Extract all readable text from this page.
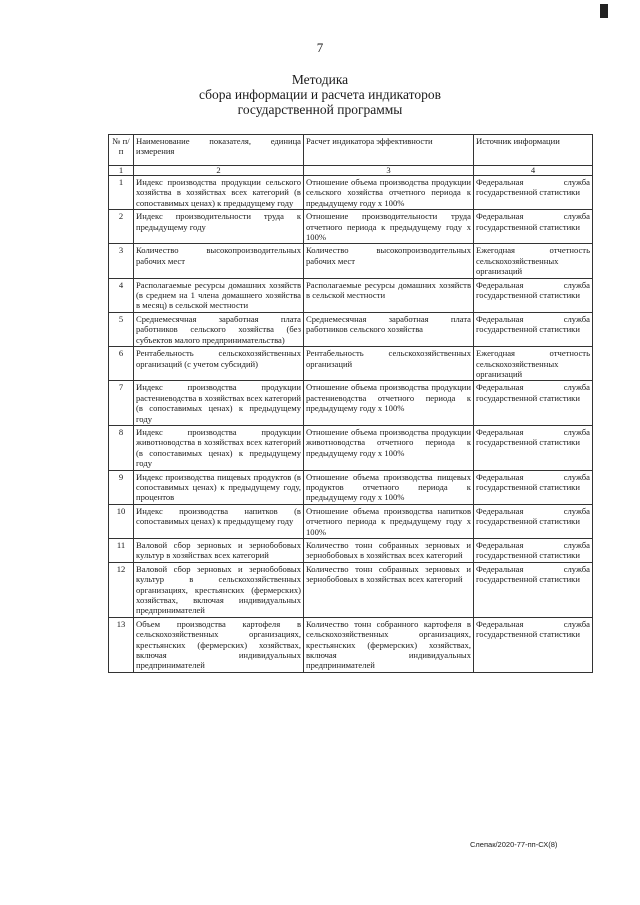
7
Методика
сбора информации и расчета индикаторов
государственной программы
№ п/п	Наименование показателя, единица измерения	Расчет индикатора эффективности	Источник информации
1	2	3	4
1	Индекс производства продукции сельского хозяйства в хозяйствах всех категорий (в сопоставимых ценах) к предыдущему году	Отношение объема производства продукции сельского хозяйства отчетного периода к предыдущему году х 100%	Федеральная служба государственной статистики
2	Индекс производительности труда к предыдущему году	Отношение производительности труда отчетного периода к предыдущему году х 100%	Федеральная служба государственной статистики
3	Количество высокопроизводительных рабочих мест	Количество высокопроизводительных рабочих мест	Ежегодная отчетность сельскохозяйственных организаций
4	Располагаемые ресурсы домашних хозяйств (в среднем на 1 члена домашнего хозяйства в месяц) в сельской местности	Располагаемые ресурсы домашних хозяйств в сельской местности	Федеральная служба государственной статистики
5	Среднемесячная заработная плата работников сельского хозяйства (без субъектов малого предпринимательства)	Среднемесячная заработная плата работников сельского хозяйства	Федеральная служба государственной статистики
6	Рентабельность сельскохозяйственных организаций (с учетом субсидий)	Рентабельность сельскохозяйственных организаций	Ежегодная отчетность сельскохозяйственных организаций
7	Индекс производства продукции растениеводства в хозяйствах всех категорий (в сопоставимых ценах) к предыдущему году	Отношение объема производства продукции растениеводства отчетного периода к предыдущему году х 100%	Федеральная служба государственной статистики
8	Индекс производства продукции животноводства в хозяйствах всех категорий (в сопоставимых ценах) к предыдущему году	Отношение объема производства продукции животноводства отчетного периода к предыдущему году х 100%	Федеральная служба государственной статистики
9	Индекс производства пищевых продуктов (в сопоставимых ценах) к предыдущему году, процентов	Отношение объема производства пищевых продуктов отчетного периода к предыдущему году х 100%	Федеральная служба государственной статистики
10	Индекс производства напитков (в сопоставимых ценах) к предыдущему году	Отношение объема производства напитков отчетного периода к предыдущему году х 100%	Федеральная служба государственной статистики
11	Валовой сбор зерновых и зернобобовых культур в хозяйствах всех категорий	Количество тонн собранных зерновых и зернобобовых в хозяйствах всех категорий	Федеральная служба государственной статистики
12	Валовой сбор зерновых и зернобобовых культур в сельскохозяйственных организациях, крестьянских (фермерских) хозяйствах, включая индивидуальных предпринимателей	Количество тонн собранных зерновых и зернобобовых в хозяйствах всех категорий	Федеральная служба государственной статистики
13	Объем производства картофеля в сельскохозяйственных организациях, крестьянских (фермерских) хозяйствах, включая индивидуальных предпринимателей	Количество тонн собранного картофеля в сельскохозяйственных организациях, крестьянских (фермерских) хозяйствах, включая индивидуальных предпринимателей	Федеральная служба государственной статистики
Слепак/2020-77-пп-СХ(8)
